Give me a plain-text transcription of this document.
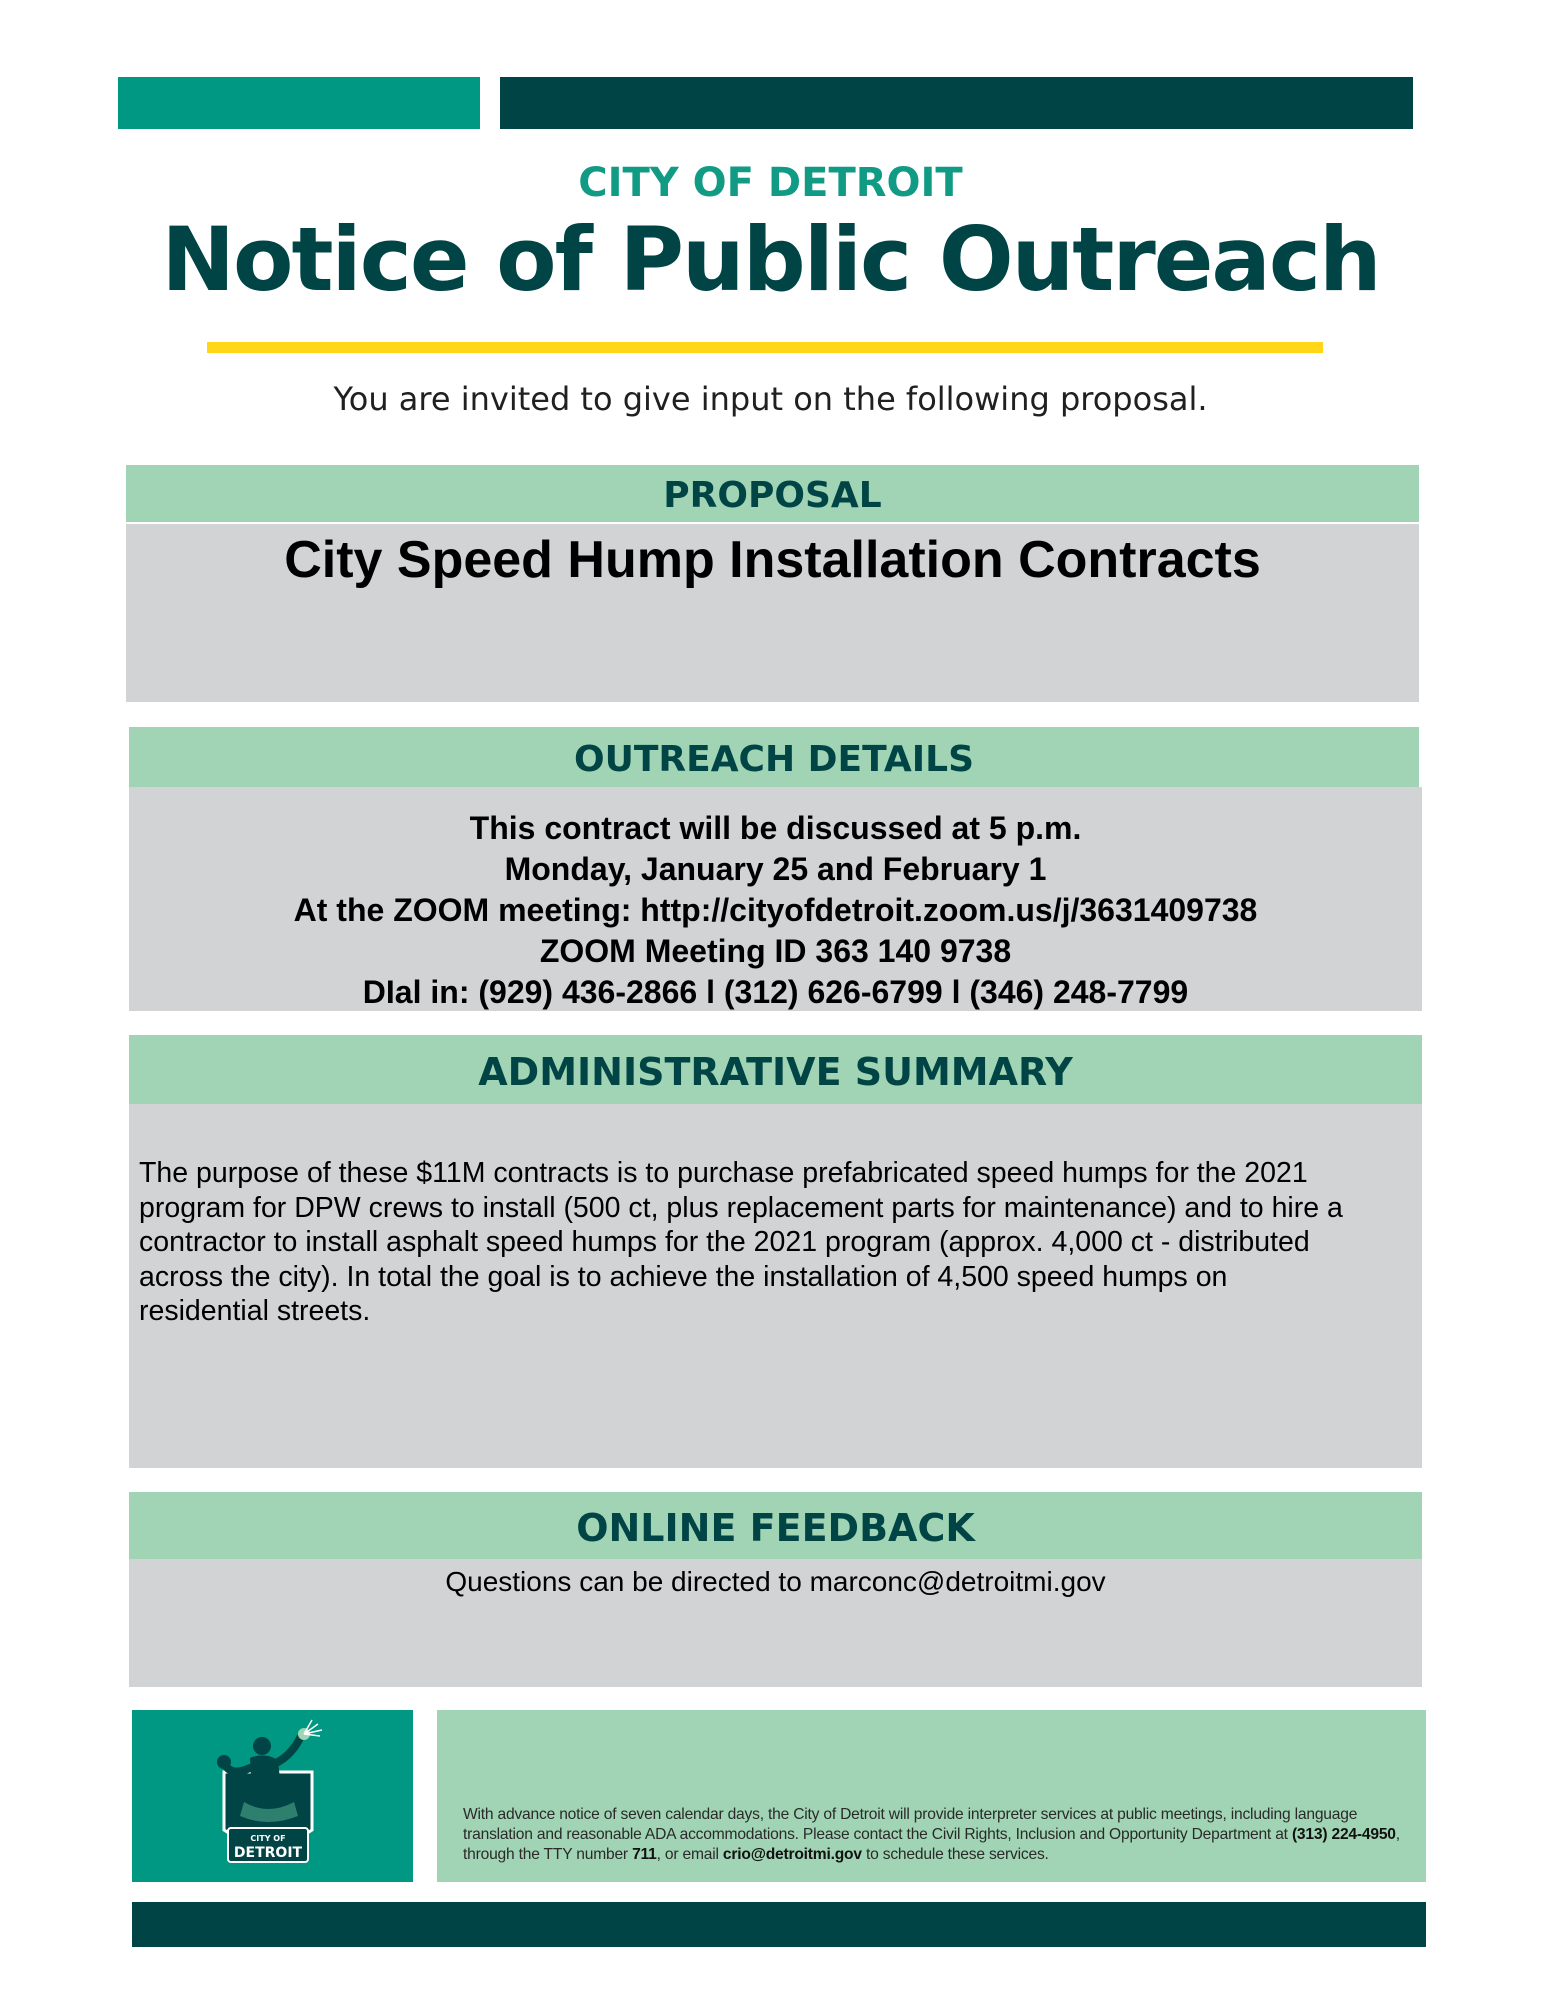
CITY OF DETROIT
Notice of Public Outreach
You are invited to give input on the following proposal.
PROPOSAL
City Speed Hump Installation Contracts
OUTREACH DETAILS
This contract will be discussed at 5 p.m.
Monday, January 25 and February 1
At the ZOOM meeting: http://cityofdetroit.zoom.us/j/3631409738
ZOOM Meeting ID 363 140 9738
DIal in: (929) 436-2866 l (312) 626-6799 l (346) 248-7799
ADMINISTRATIVE SUMMARY
The purpose of these $11M contracts is to purchase prefabricated speed humps for the 2021
program for DPW crews to install (500 ct, plus replacement parts for maintenance) and to hire a
contractor to install asphalt speed humps for the 2021 program (approx. 4,000 ct - distributed
across the city). In total the goal is to achieve the installation of 4,500 speed humps on
residential streets.
ONLINE FEEDBACK
Questions can be directed to marconc@detroitmi.gov
CITY OF
DETROIT
With advance notice of seven calendar days, the City of Detroit will provide interpreter services at public meetings, including language translation and reasonable ADA accommodations. Please contact the Civil Rights, Inclusion and Opportunity Department at (313) 224-4950, through the TTY number 711, or email crio@detroitmi.gov to schedule these services.
